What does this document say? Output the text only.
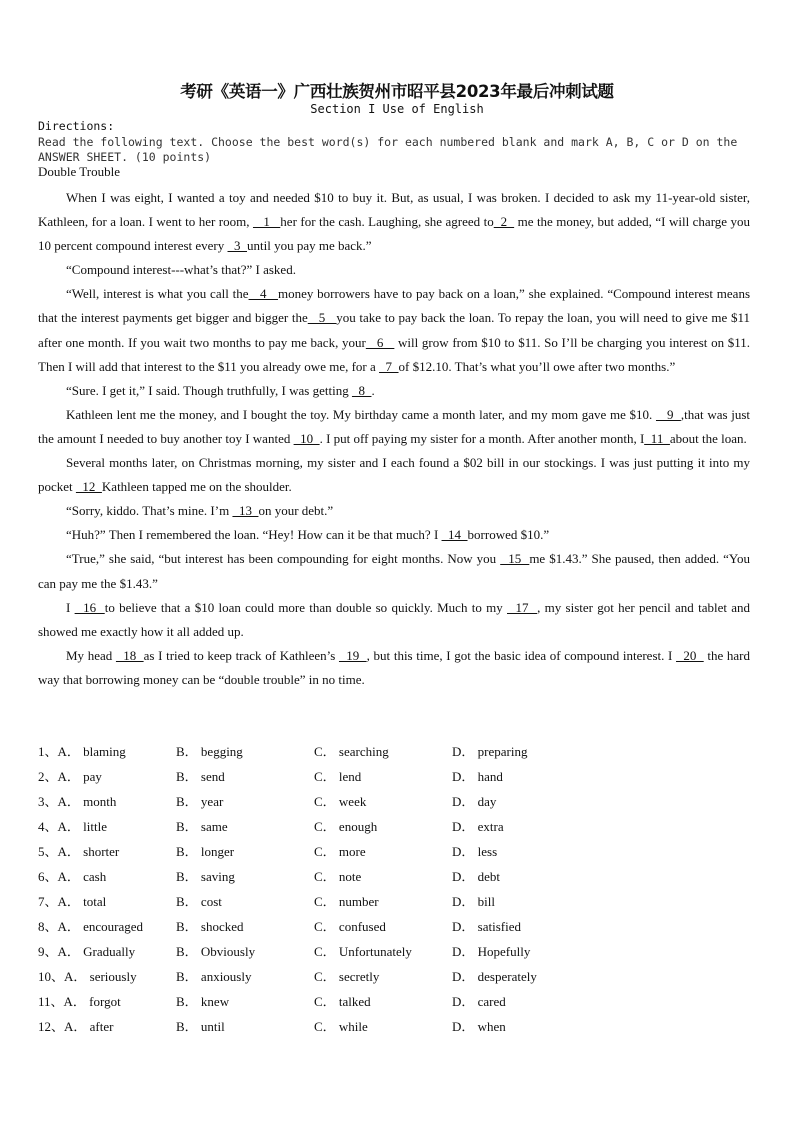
考研《英语一》广西壮族贺州市昭平县2023年最后冲刺试题
Section I Use of English
Directions:
Read the following text. Choose the best word(s) for each numbered blank and mark A, B, C or D on the ANSWER SHEET. (10 points)
Double Trouble

When I was eight, I wanted a toy and needed $10 to buy it. But, as usual, I was broken. I decided to ask my 11-year-old sister, Kathleen, for a loan. I went to her room,    1   her for the cash. Laughing, she agreed to  2   me the money, but added, “I will charge you 10 percent compound interest every   3  until you pay me back.”

“Compound interest---what’s that?” I asked.

“Well, interest is what you call the   4   money borrowers have to pay back on a loan,” she explained. “Compound interest means that the interest payments get bigger and bigger the   5   you take to pay back the loan. To repay the loan, you will need to give me $11 after one month. If you wait two months to pay me back, your   6    will grow from $10 to $11. So I’ll be charging you interest on $11. Then I will add that interest to the $11 you already owe me, for a   7  of $12.10. That’s what you’ll owe after two months.”

“Sure. I get it,” I said. Though truthfully, I was getting   8  .

Kathleen lent me the money, and I bought the toy. My birthday came a month later, and my mom gave me $10.    9  ,that was just the amount I needed to buy another toy I wanted   10  . I put off paying my sister for a month. After another month, I_11_about the loan.

Several months later, on Christmas morning, my sister and I each found a $02 bill in our stockings. I was just putting it into my pocket   12  Kathleen tapped me on the shoulder.

“Sorry, kiddo. That’s mine. I’m   13  on your debt.”

“Huh?” Then I remembered the loan. “Hey! How can it be that much? I   14  borrowed $10.”

“True,” she said, “but interest has been compounding for eight months. Now you   15  me $1.43.” She paused, then added. “You can pay me the $1.43.”

I   16  to believe that a $10 loan could more than double so quickly. Much to my   17  , my sister got her pencil and tablet and showed me exactly how it all added up.

My head   18  as I tried to keep track of Kathleen’s   19  , but this time, I got the basic idea of compound interest. I   20   the hard way that borrowing money can be “double trouble” in no time.

1、A． blaming	B． begging	C． searching	D． preparing
2、A． pay	B． send	C． lend	D． hand
3、A． month	B． year	C． week	D． day
4、A． little	B． same	C． enough	D． extra
5、A． shorter	B． longer	C． more	D． less
6、A． cash	B． saving	C． note	D． debt
7、A． total	B． cost	C． number	D． bill
8、A． encouraged	B． shocked	C． confused	D． satisfied
9、A． Gradually	B． Obviously	C． Unfortunately	D． Hopefully
10、A． seriously	B． anxiously	C． secretly	D． desperately
11、A． forgot	B． knew	C． talked	D． cared
12、A． after	B． until	C． while	D． when
